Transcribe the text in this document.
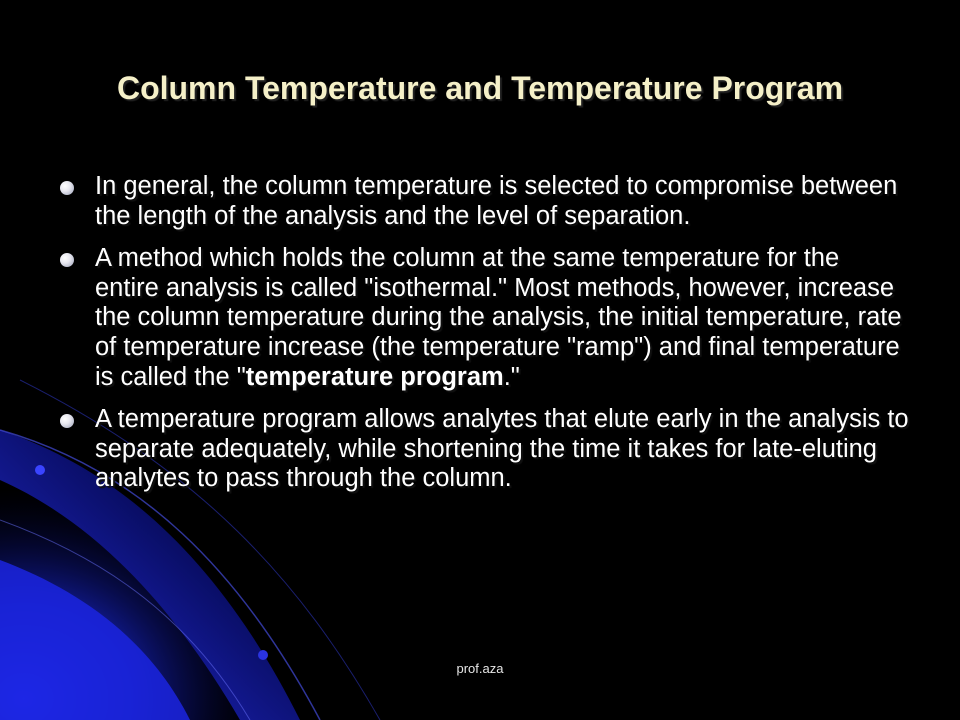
Column Temperature and Temperature Program
In general, the column temperature is selected to compromise between the length of the analysis and the level of separation.
A method which holds the column at the same temperature for the entire analysis is called "isothermal." Most methods, however, increase the column temperature during the analysis, the initial temperature, rate of temperature increase (the temperature "ramp") and final temperature is called the "temperature program."
A temperature program allows analytes that elute early in the analysis to separate adequately, while shortening the time it takes for late-eluting analytes to pass through the column.
prof.aza
